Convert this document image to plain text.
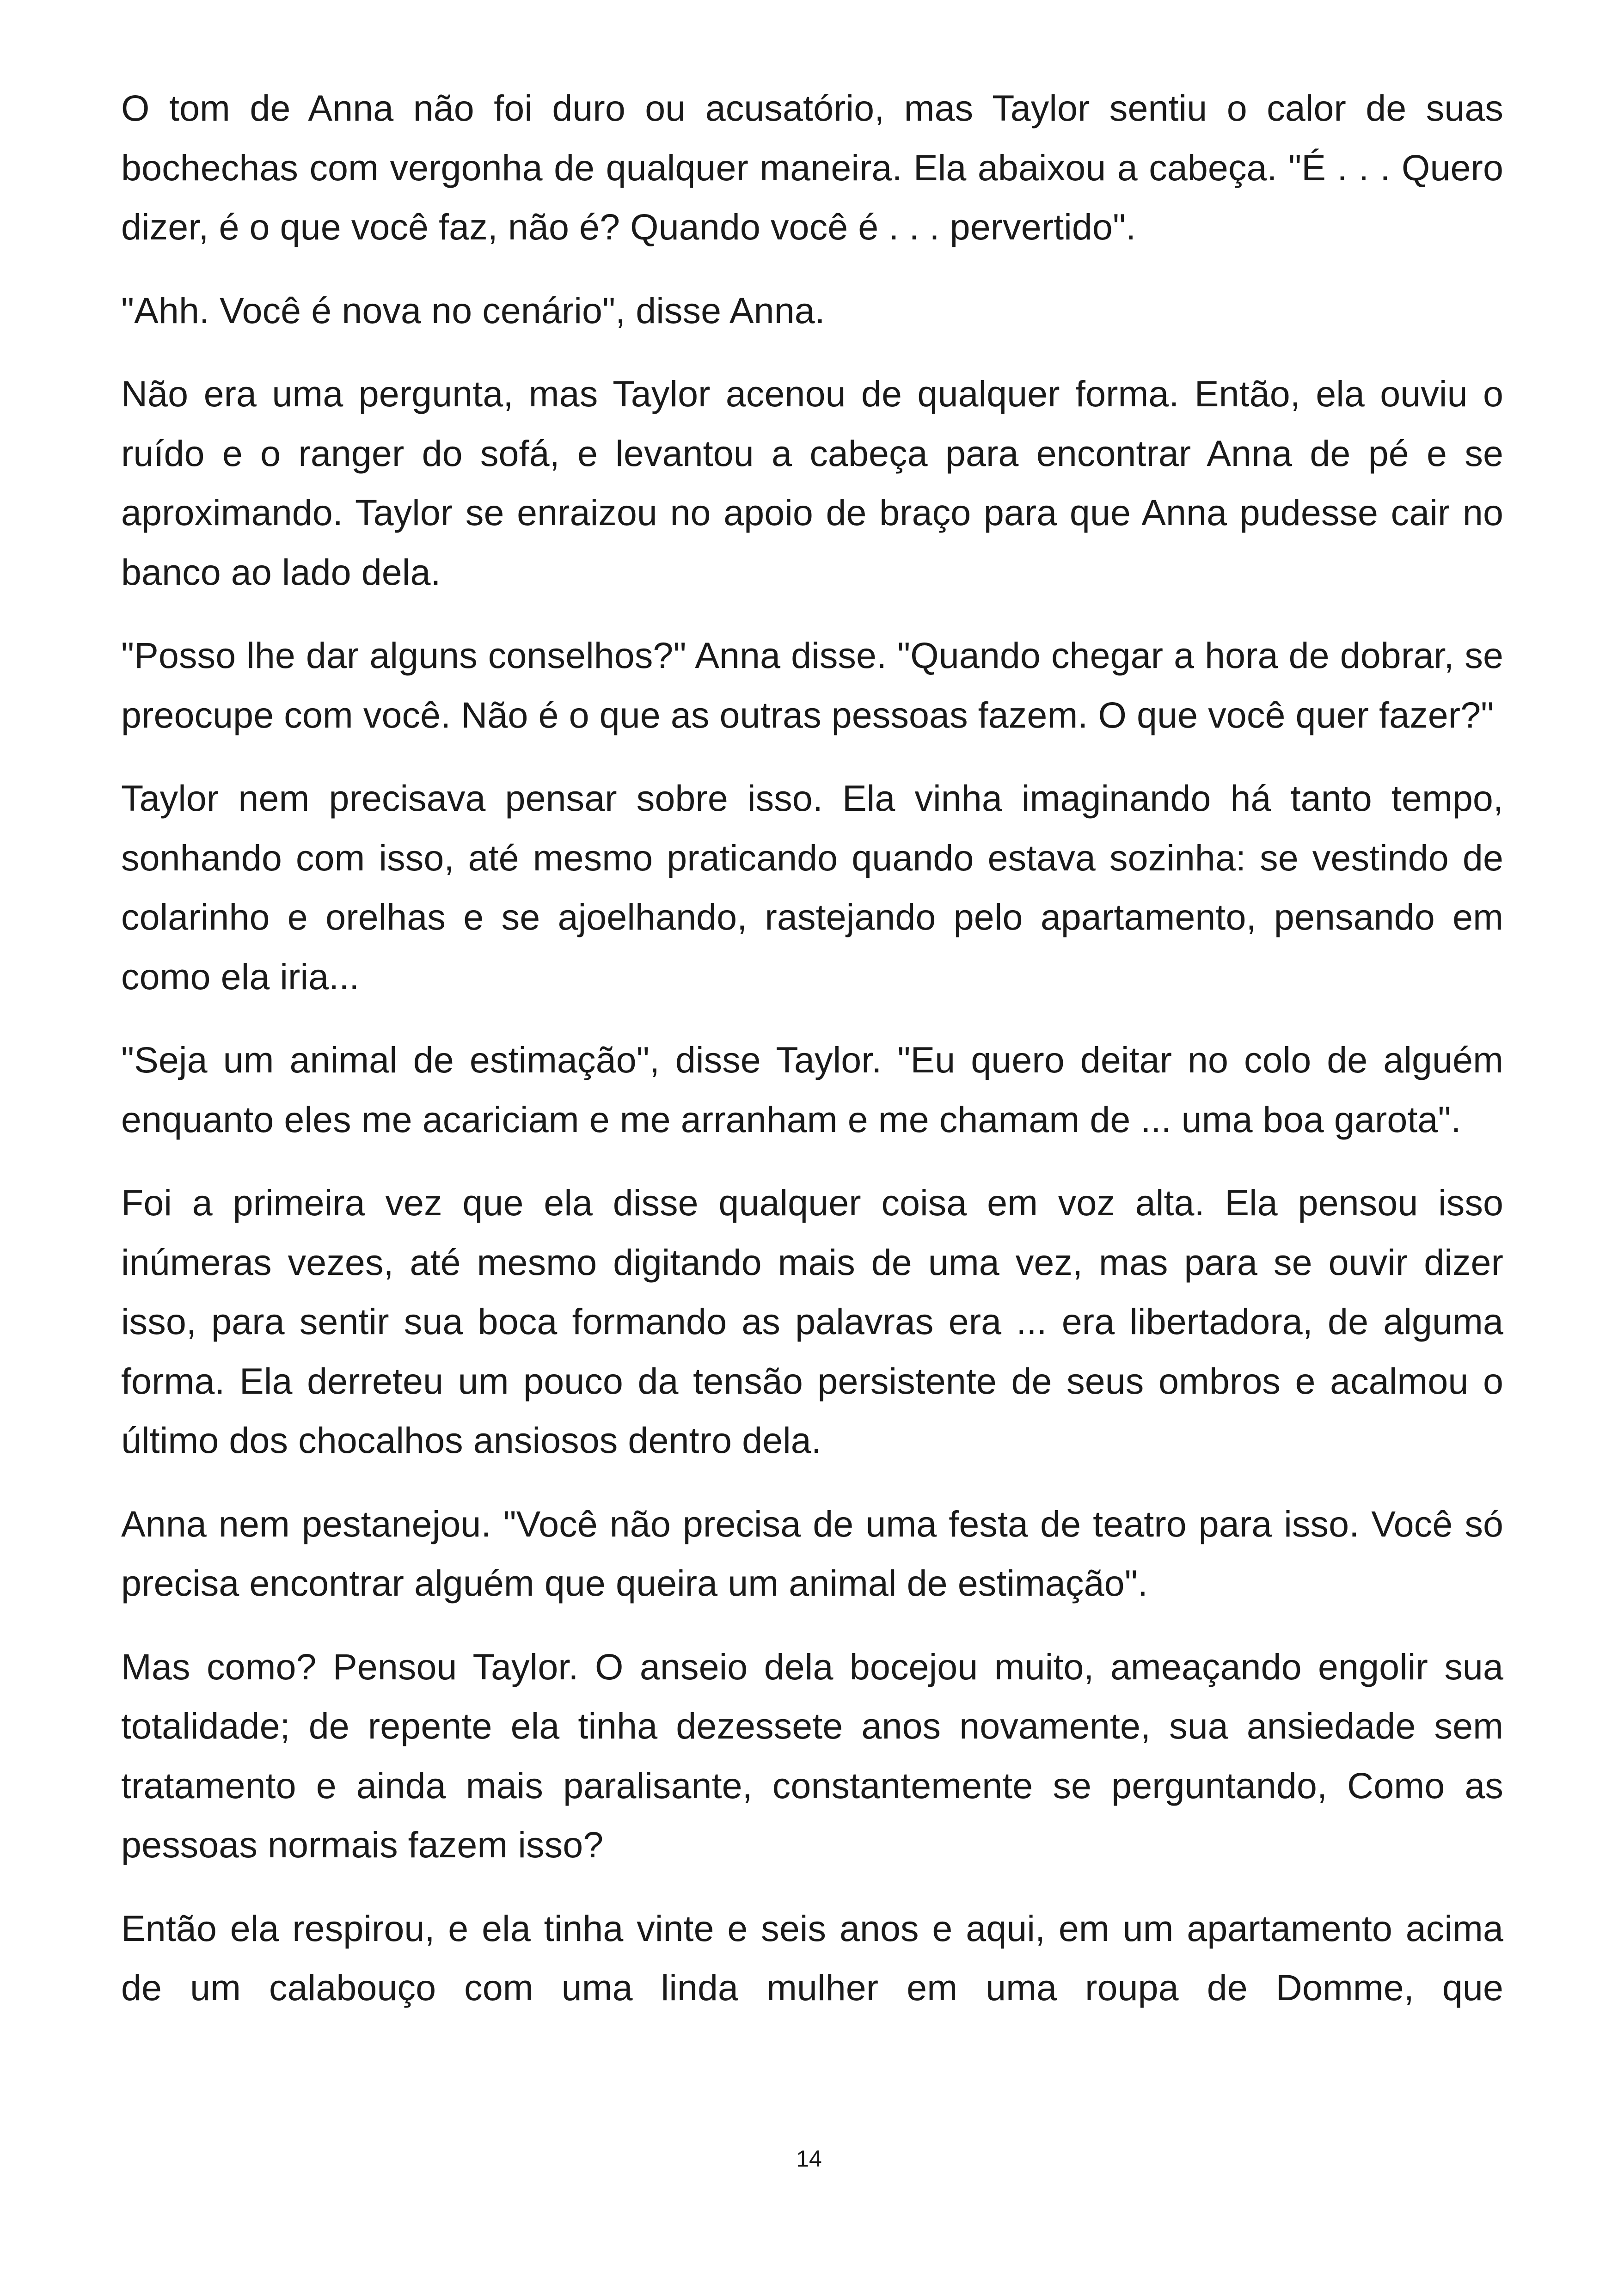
O tom de Anna não foi duro ou acusatório, mas Taylor sentiu o calor de suas bochechas com vergonha de qualquer maneira. Ela abaixou a cabeça. "É . . . Quero dizer, é o que você faz, não é? Quando você é . . . pervertido".

"Ahh. Você é nova no cenário", disse Anna.

Não era uma pergunta, mas Taylor acenou de qualquer forma. Então, ela ouviu o ruído e o ranger do sofá, e levantou a cabeça para encontrar Anna de pé e se aproximando. Taylor se enraizou no apoio de braço para que Anna pudesse cair no banco ao lado dela.

"Posso lhe dar alguns conselhos?" Anna disse. "Quando chegar a hora de dobrar, se preocupe com você. Não é o que as outras pessoas fazem. O que você quer fazer?"

Taylor nem precisava pensar sobre isso. Ela vinha imaginando há tanto tempo, sonhando com isso, até mesmo praticando quando estava sozinha: se vestindo de colarinho e orelhas e se ajoelhando, rastejando pelo apartamento, pensando em como ela iria...

"Seja um animal de estimação", disse Taylor. "Eu quero deitar no colo de alguém enquanto eles me acariciam e me arranham e me chamam de ... uma boa garota".

Foi a primeira vez que ela disse qualquer coisa em voz alta. Ela pensou isso inúmeras vezes, até mesmo digitando mais de uma vez, mas para se ouvir dizer isso, para sentir sua boca formando as palavras era ... era libertadora, de alguma forma. Ela derreteu um pouco da tensão persistente de seus ombros e acalmou o último dos chocalhos ansiosos dentro dela.

Anna nem pestanejou. "Você não precisa de uma festa de teatro para isso. Você só precisa encontrar alguém que queira um animal de estimação".

Mas como? Pensou Taylor. O anseio dela bocejou muito, ameaçando engolir sua totalidade; de repente ela tinha dezessete anos novamente, sua ansiedade sem tratamento e ainda mais paralisante, constantemente se perguntando, Como as pessoas normais fazem isso?

Então ela respirou, e ela tinha vinte e seis anos e aqui, em um apartamento acima de um calabouço com uma linda mulher em uma roupa de Domme, que

14
